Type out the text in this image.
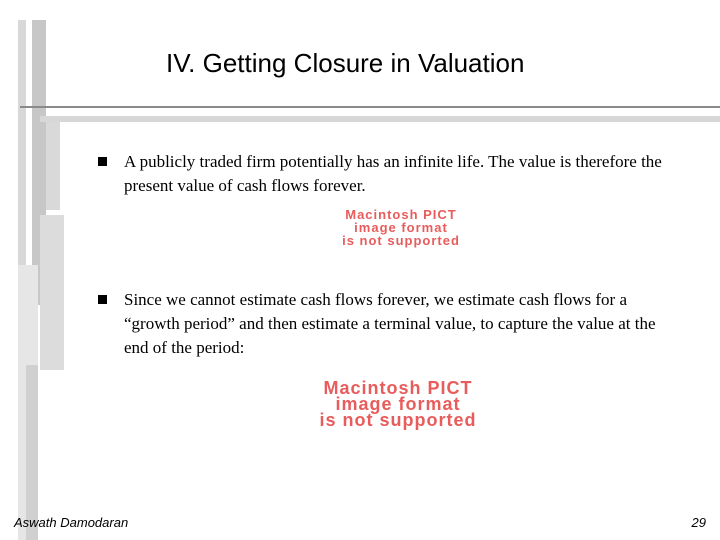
IV. Getting Closure in Valuation
A publicly traded firm potentially has an infinite life. The value is therefore the present value of cash flows forever.
Macintosh PICT
image format
is not supported
Since we cannot estimate cash flows forever, we estimate cash flows for a “growth period” and then estimate a terminal value, to capture the value at the end of the period:
Macintosh PICT
image format
is not supported
Aswath Damodaran	29
